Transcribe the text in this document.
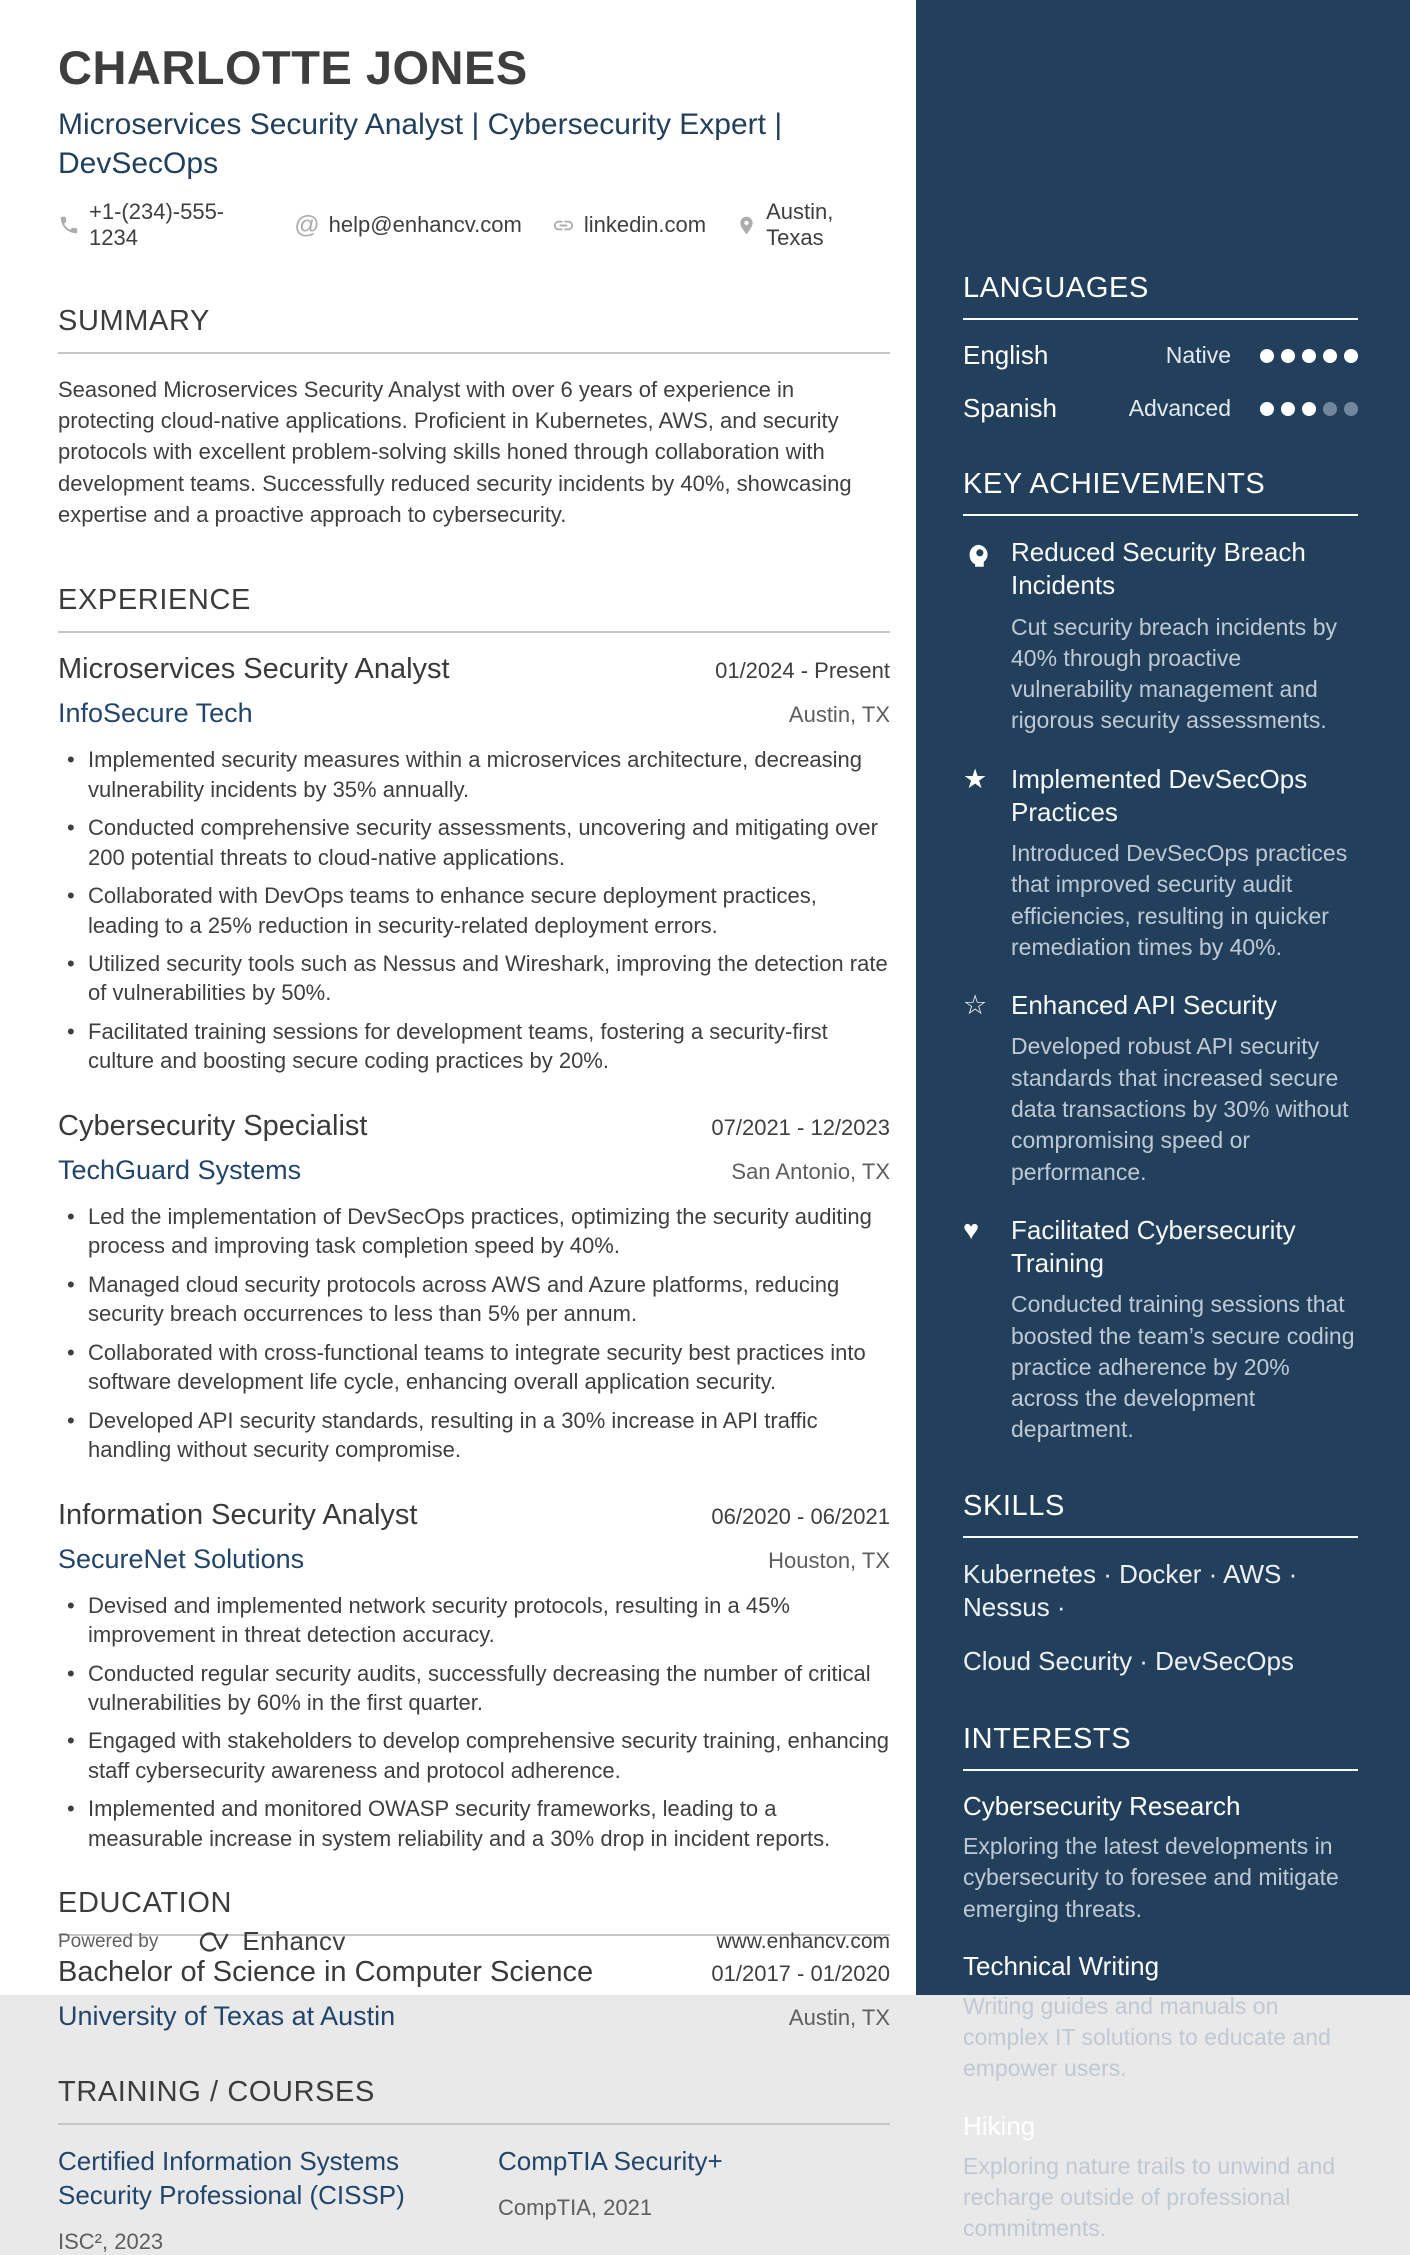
CHARLOTTE JONES
Microservices Security Analyst | Cybersecurity Expert | DevSecOps
+1-(234)-555-1234	@ help@enhancv.com	linkedin.com
Austin, Texas
SUMMARY

Seasoned Microservices Security Analyst with over 6 years of experience in protecting cloud-native applications. Proficient in Kubernetes, AWS, and security protocols with excellent problem-solving skills honed through collaboration with development teams. Successfully reduced security incidents by 40%, showcasing expertise and a proactive approach to cybersecurity.

EXPERIENCE
Microservices Security Analyst	01/2024 - Present
InfoSecure Tech	Austin, TX
• Implemented security measures within a microservices architecture, decreasing vulnerability incidents by 35% annually.
• Conducted comprehensive security assessments, uncovering and mitigating over 200 potential threats to cloud-native applications.
• Collaborated with DevOps teams to enhance secure deployment practices, leading to a 25% reduction in security-related deployment errors.
• Utilized security tools such as Nessus and Wireshark, improving the detection rate of vulnerabilities by 50%.
• Facilitated training sessions for development teams, fostering a security-first culture and boosting secure coding practices by 20%.
Cybersecurity Specialist	07/2021 - 12/2023
TechGuard Systems	San Antonio, TX
• Led the implementation of DevSecOps practices, optimizing the security auditing process and improving task completion speed by 40%.
• Managed cloud security protocols across AWS and Azure platforms, reducing security breach occurrences to less than 5% per annum.
• Collaborated with cross-functional teams to integrate security best practices into software development life cycle, enhancing overall application security.
• Developed API security standards, resulting in a 30% increase in API traffic handling without security compromise.
Information Security Analyst	06/2020 - 06/2021
SecureNet Solutions	Houston, TX
• Devised and implemented network security protocols, resulting in a 45% improvement in threat detection accuracy.
• Conducted regular security audits, successfully decreasing the number of critical vulnerabilities by 60% in the first quarter.
• Engaged with stakeholders to develop comprehensive security training, enhancing staff cybersecurity awareness and protocol adherence.
• Implemented and monitored OWASP security frameworks, leading to a measurable increase in system reliability and a 30% drop in incident reports.
EDUCATION
Bachelor of Science in Computer Science	01/2017 - 01/2020
University of Texas at Austin	Austin, TX
TRAINING / COURSES
Certified Information Systems Security Professional (CISSP)
ISC², 2023
CompTIA Security+
CompTIA, 2021
LANGUAGES
English	Native
Spanish	Advanced
KEY ACHIEVEMENTS
Reduced Security Breach Incidents

Cut security breach incidents by 40% through proactive vulnerability management and rigorous security assessments.

★ Implemented DevSecOps Practices

Introduced DevSecOps practices that improved security audit efficiencies, resulting in quicker remediation times by 40%.

☆ Enhanced API Security

Developed robust API security standards that increased secure data transactions by 30% without compromising speed or performance.

♥	Facilitated Cybersecurity Training

Conducted training sessions that boosted the team’s secure coding practice adherence by 20% across the development department.

SKILLS
Kubernetes · Docker · AWS · Nessus ·
Cloud Security · DevSecOps
INTERESTS
Cybersecurity Research

Exploring the latest developments in cybersecurity to foresee and mitigate emerging threats.

Technical Writing

Writing guides and manuals on complex IT solutions to educate and empower users.

Hiking

Exploring nature trails to unwind and recharge outside of professional commitments.

Powered by	Enhancv	www.enhancv.com
